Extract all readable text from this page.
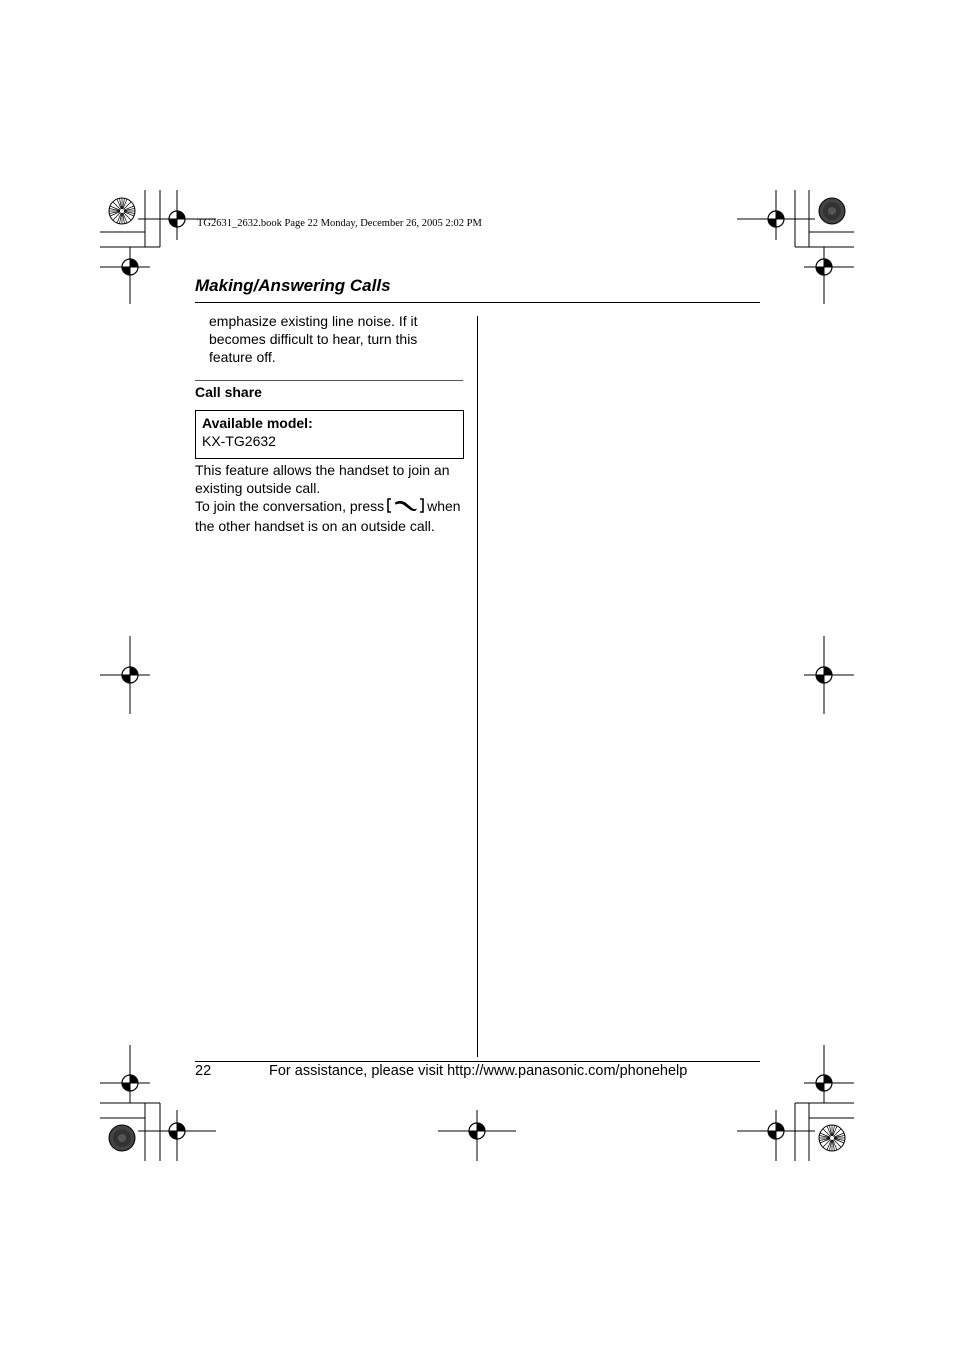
TG2631_2632.book Page 22 Monday, December 26, 2005 2:02 PM
Making/Answering Calls
emphasize existing line noise. If it becomes difficult to hear, turn this feature off.
Call share
Available model:
KX-TG2632
This feature allows the handset to join an existing outside call.
To join the conversation, press	when the other handset is on an outside call.
22	For assistance, please visit http://www.panasonic.com/phonehelp
